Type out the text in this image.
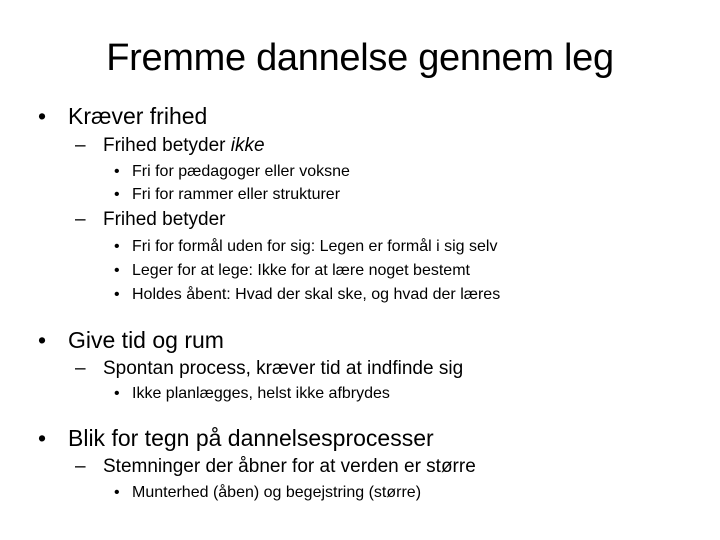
Fremme dannelse gennem leg
• Kræver frihed
– Frihed betyder ikke
• Fri for pædagoger eller voksne
• Fri for rammer eller strukturer
– Frihed betyder
• Fri for formål uden for sig: Legen er formål i sig selv
• Leger for at lege: Ikke for at lære noget bestemt
• Holdes åbent: Hvad der skal ske, og hvad der læres
• Give tid og rum
– Spontan process, kræver tid at indfinde sig
• Ikke planlægges, helst ikke afbrydes
• Blik for tegn på dannelsesprocesser
– Stemninger der åbner for at verden er større
• Munterhed (åben) og begejstring (større)
